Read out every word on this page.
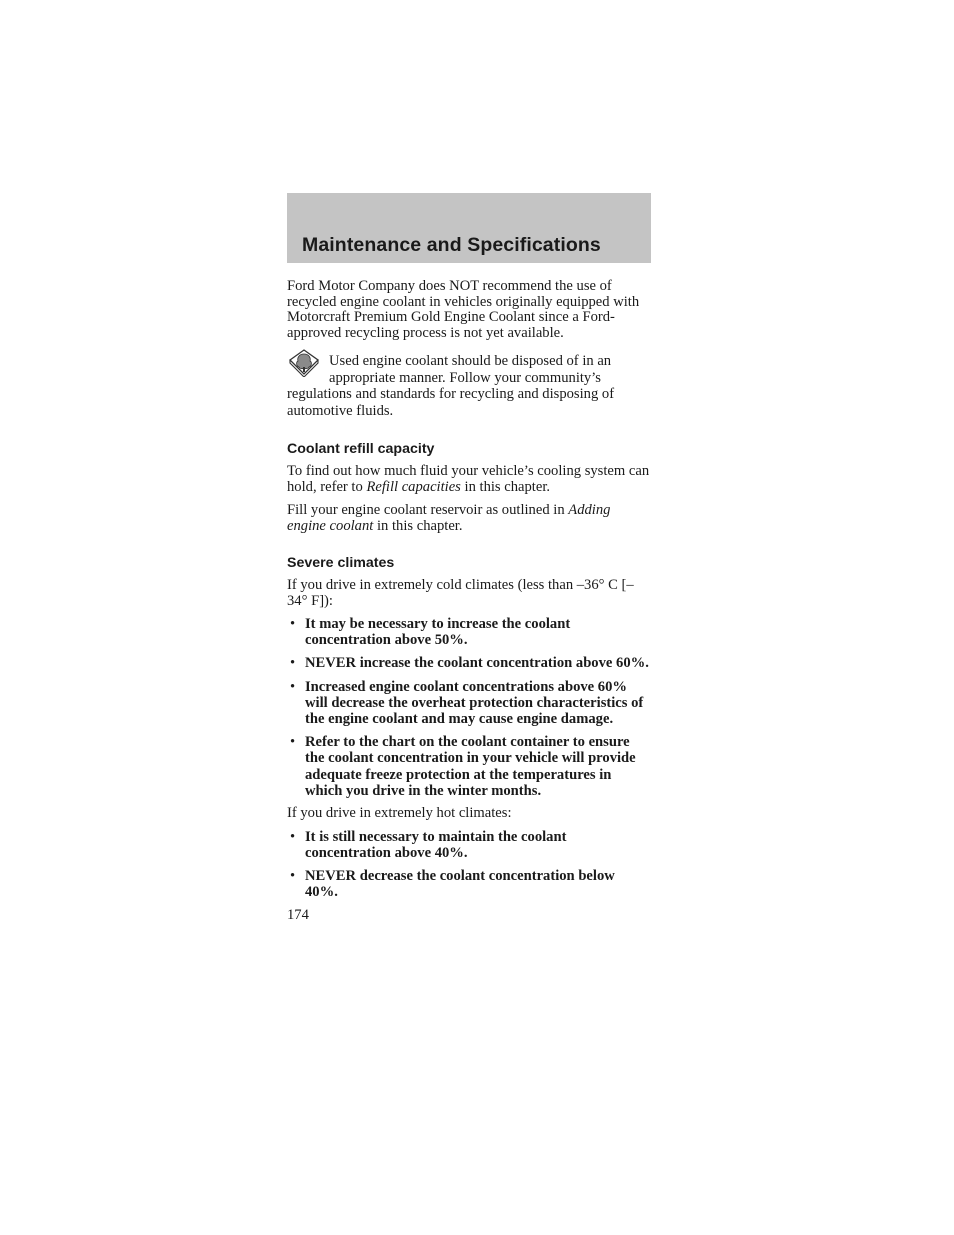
Maintenance and Specifications

Ford Motor Company does NOT recommend the use of recycled engine coolant in vehicles originally equipped with Motorcraft Premium Gold Engine Coolant since a Ford-approved recycling process is not yet available.

Used engine coolant should be disposed of in an appropriate manner. Follow your community’s regulations and standards for recycling and disposing of automotive fluids.

Coolant refill capacity

To find out how much fluid your vehicle’s cooling system can hold, refer to Refill capacities in this chapter.

Fill your engine coolant reservoir as outlined in Adding engine coolant in this chapter.

Severe climates

If you drive in extremely cold climates (less than –36° C [–34° F]):

• It may be necessary to increase the coolant concentration above 50%.
• NEVER increase the coolant concentration above 60%.
• Increased engine coolant concentrations above 60% will decrease the overheat protection characteristics of the engine coolant and may cause engine damage.
• Refer to the chart on the coolant container to ensure the coolant concentration in your vehicle will provide adequate freeze protection at the temperatures in which you drive in the winter months.

If you drive in extremely hot climates:

• It is still necessary to maintain the coolant concentration above 40%.
• NEVER decrease the coolant concentration below 40%.

174
